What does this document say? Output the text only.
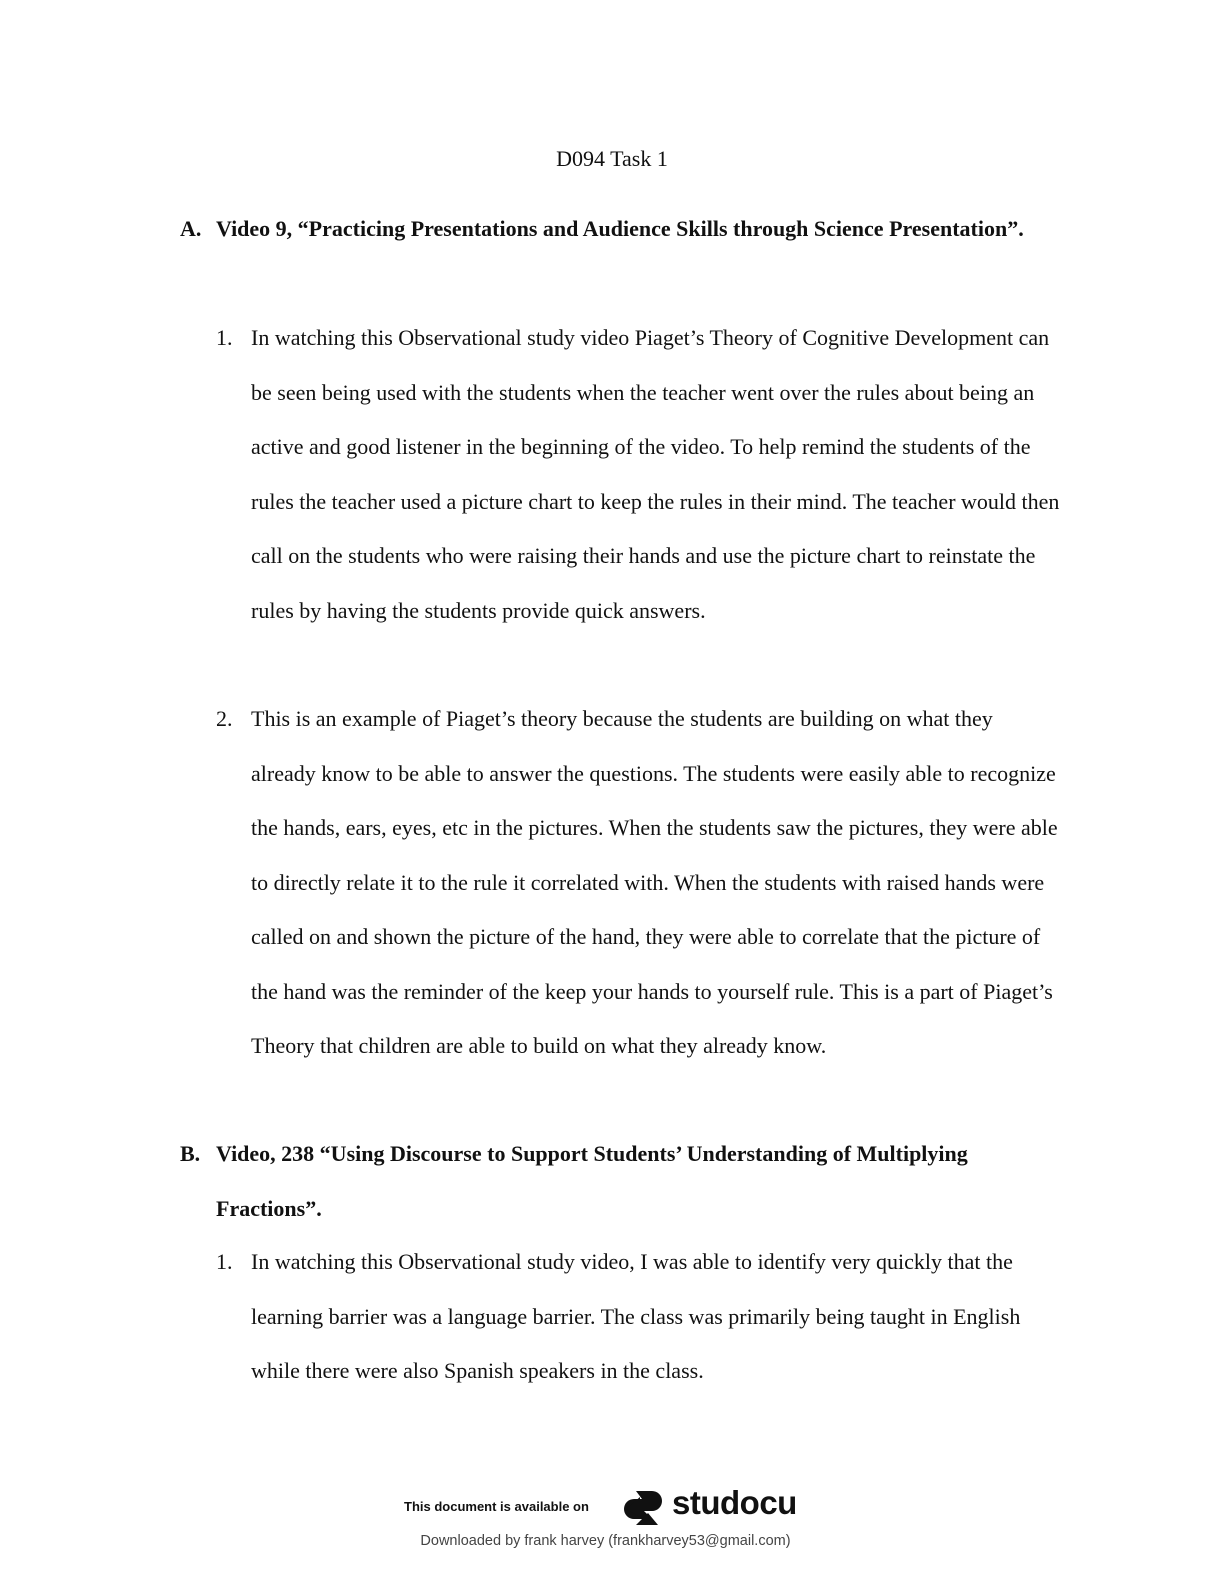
D094 Task 1
A. Video 9, “Practicing Presentations and Audience Skills through Science Presentation”.
1. In watching this Observational study video Piaget’s Theory of Cognitive Development can be seen being used with the students when the teacher went over the rules about being an active and good listener in the beginning of the video. To help remind the students of the rules the teacher used a picture chart to keep the rules in their mind. The teacher would then call on the students who were raising their hands and use the picture chart to reinstate the rules by having the students provide quick answers.
2. This is an example of Piaget’s theory because the students are building on what they already know to be able to answer the questions. The students were easily able to recognize the hands, ears, eyes, etc in the pictures. When the students saw the pictures, they were able to directly relate it to the rule it correlated with. When the students with raised hands were called on and shown the picture of the hand, they were able to correlate that the picture of the hand was the reminder of the keep your hands to yourself rule. This is a part of Piaget’s Theory that children are able to build on what they already know.
B. Video, 238 “Using Discourse to Support Students’ Understanding of Multiplying Fractions”.
1. In watching this Observational study video, I was able to identify very quickly that the learning barrier was a language barrier. The class was primarily being taught in English while there were also Spanish speakers in the class.
This document is available on	studocu
Downloaded by frank harvey (frankharvey53@gmail.com)
